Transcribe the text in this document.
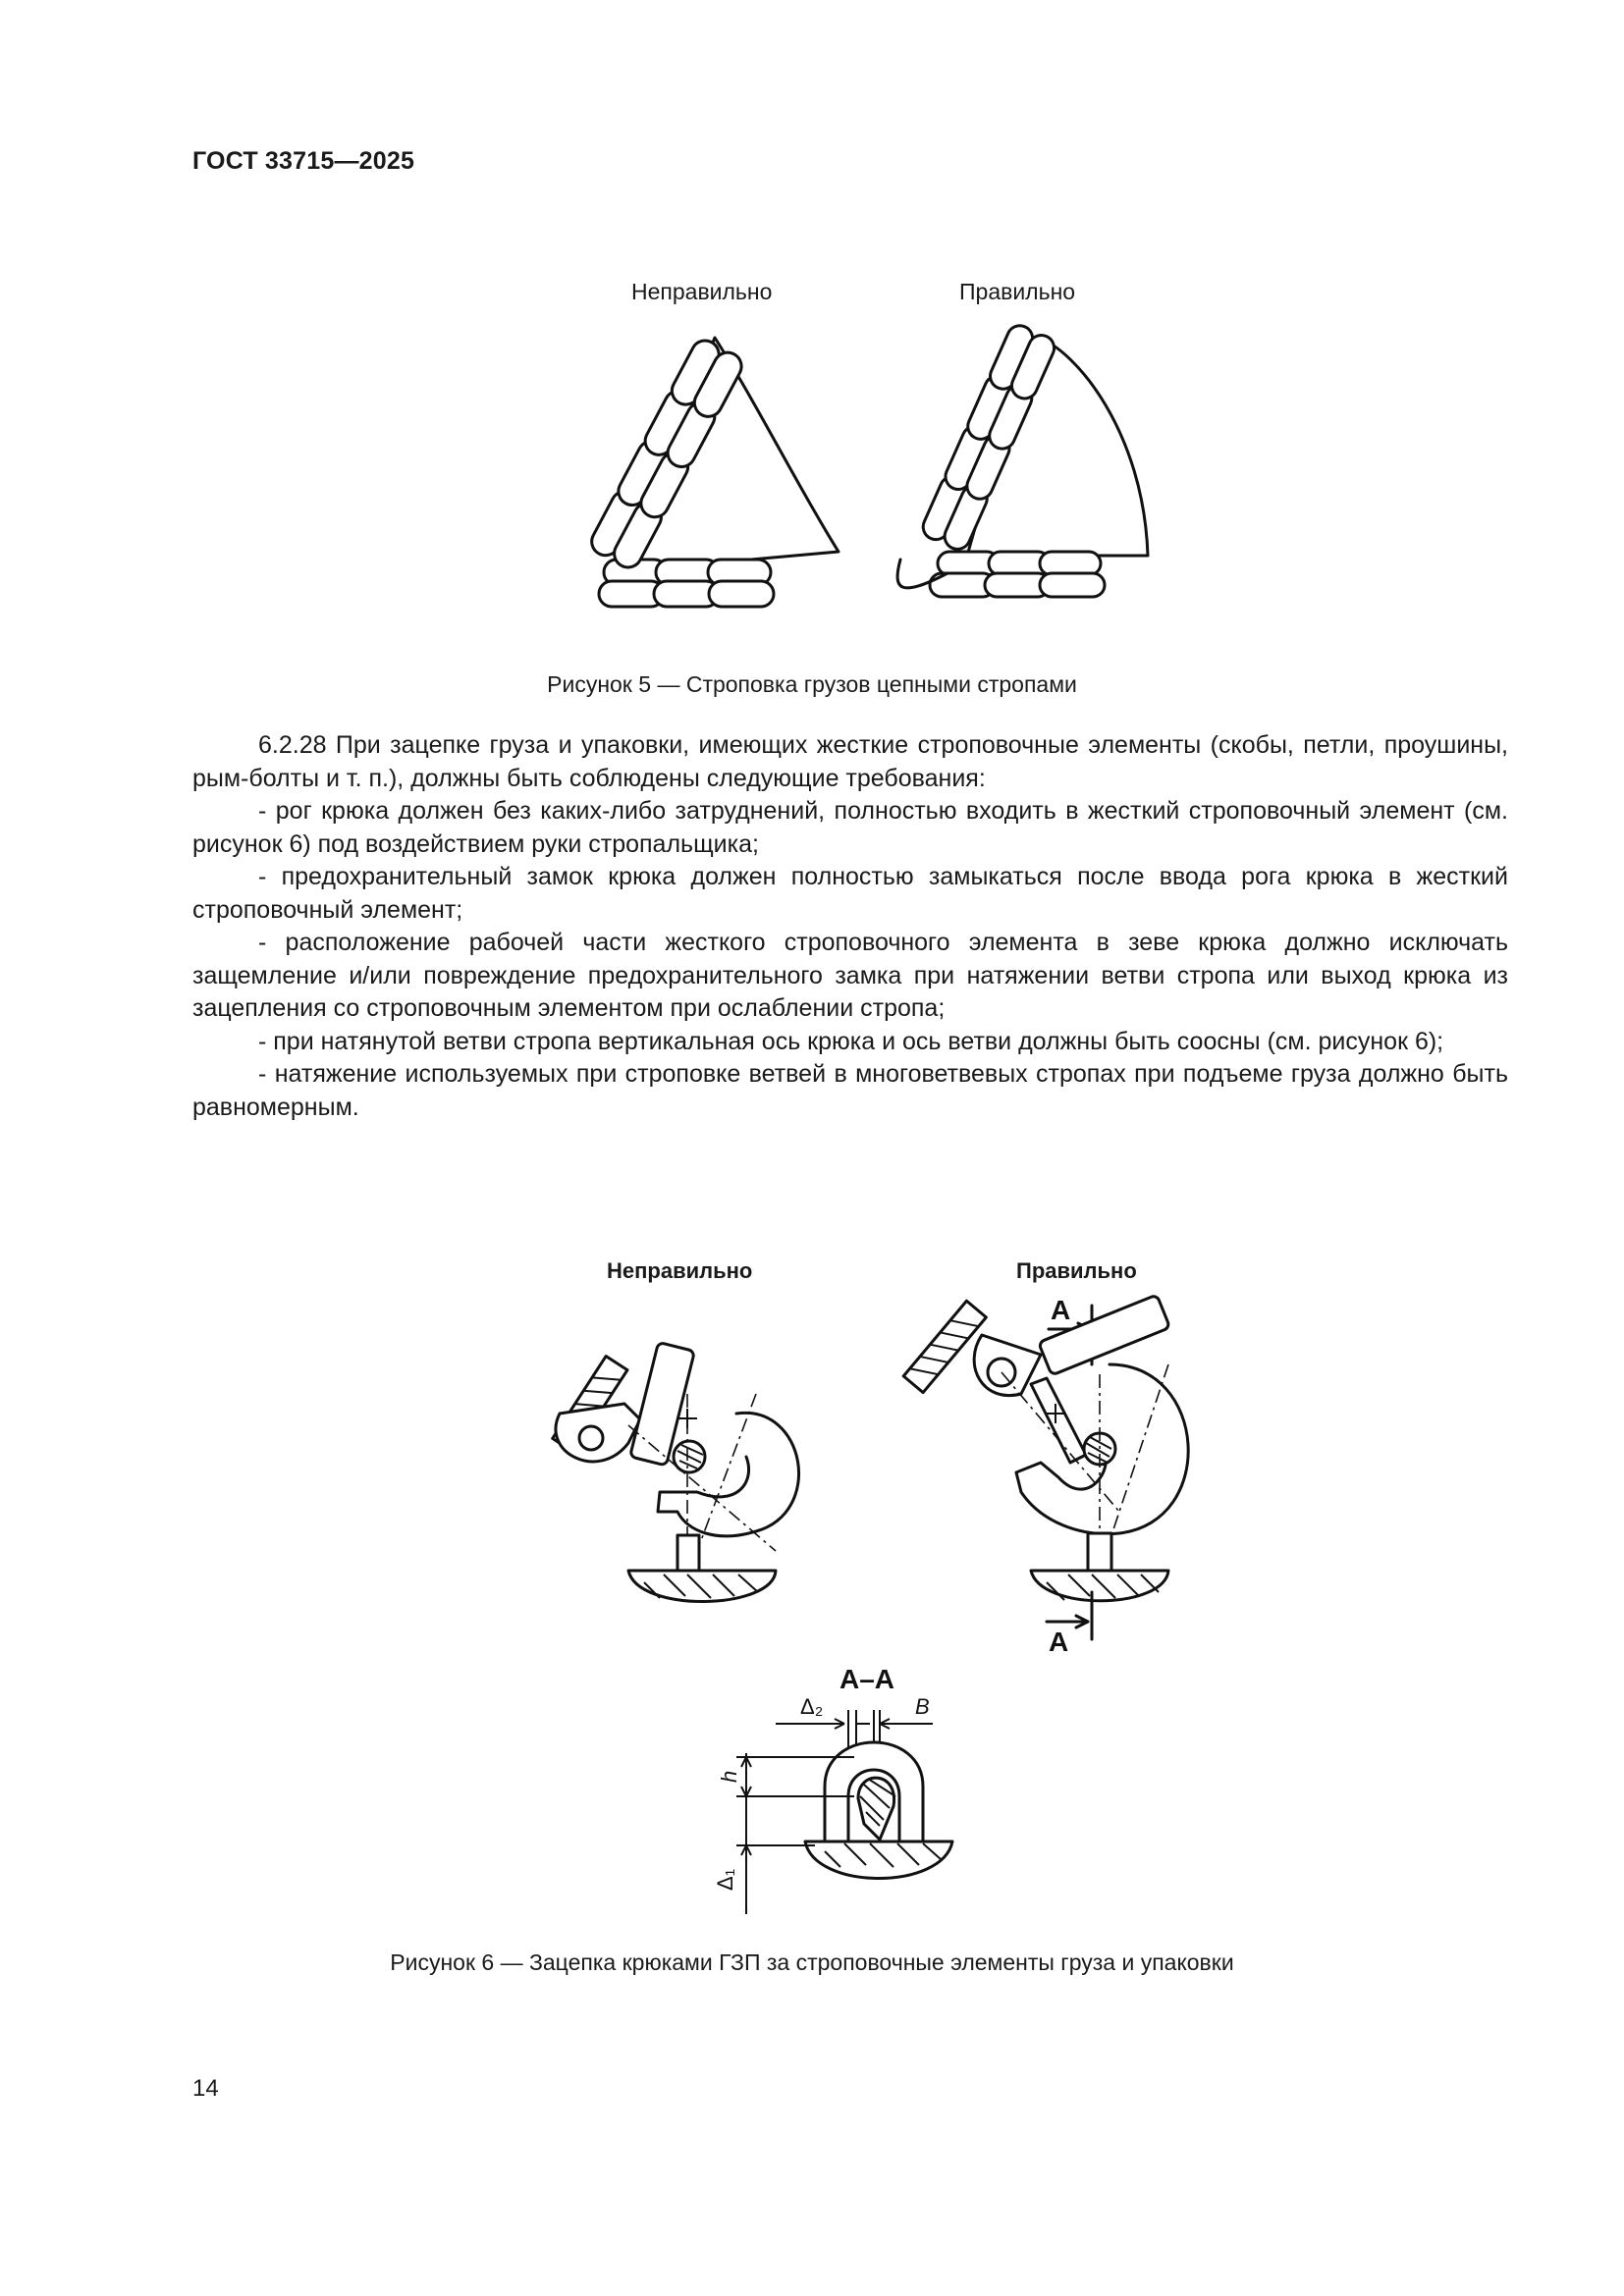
ГОСТ 33715—2025
Неправильно	Правильно
Рисунок 5 — Строповка грузов цепными стропами

6.2.28 При зацепке груза и упаковки, имеющих жесткие строповочные элементы (скобы, петли, проушины, рым-болты и т. п.), должны быть соблюдены следующие требования:

- рог крюка должен без каких-либо затруднений, полностью входить в жесткий строповочный элемент (см. рисунок 6) под воздействием руки стропальщика;

- предохранительный замок крюка должен полностью замыкаться после ввода рога крюка в жесткий строповочный элемент;

- расположение рабочей части жесткого строповочного элемента в зеве крюка должно исключать защемление и/или повреждение предохранительного замка при натяжении ветви стропа или выход крюка из зацепления со строповочным элементом при ослаблении стропа;

- при натянутой ветви стропа вертикальная ось крюка и ось ветви должны быть соосны (см. рисунок 6);

- натяжение используемых при строповке ветвей в многоветвевых стропах при подъеме груза должно быть равномерным.

Неправильно	Правильно
А
А
А–А
Δ₂	B
h
Δ₁
Рисунок 6 — Зацепка крюками ГЗП за строповочные элементы груза и упаковки
14
